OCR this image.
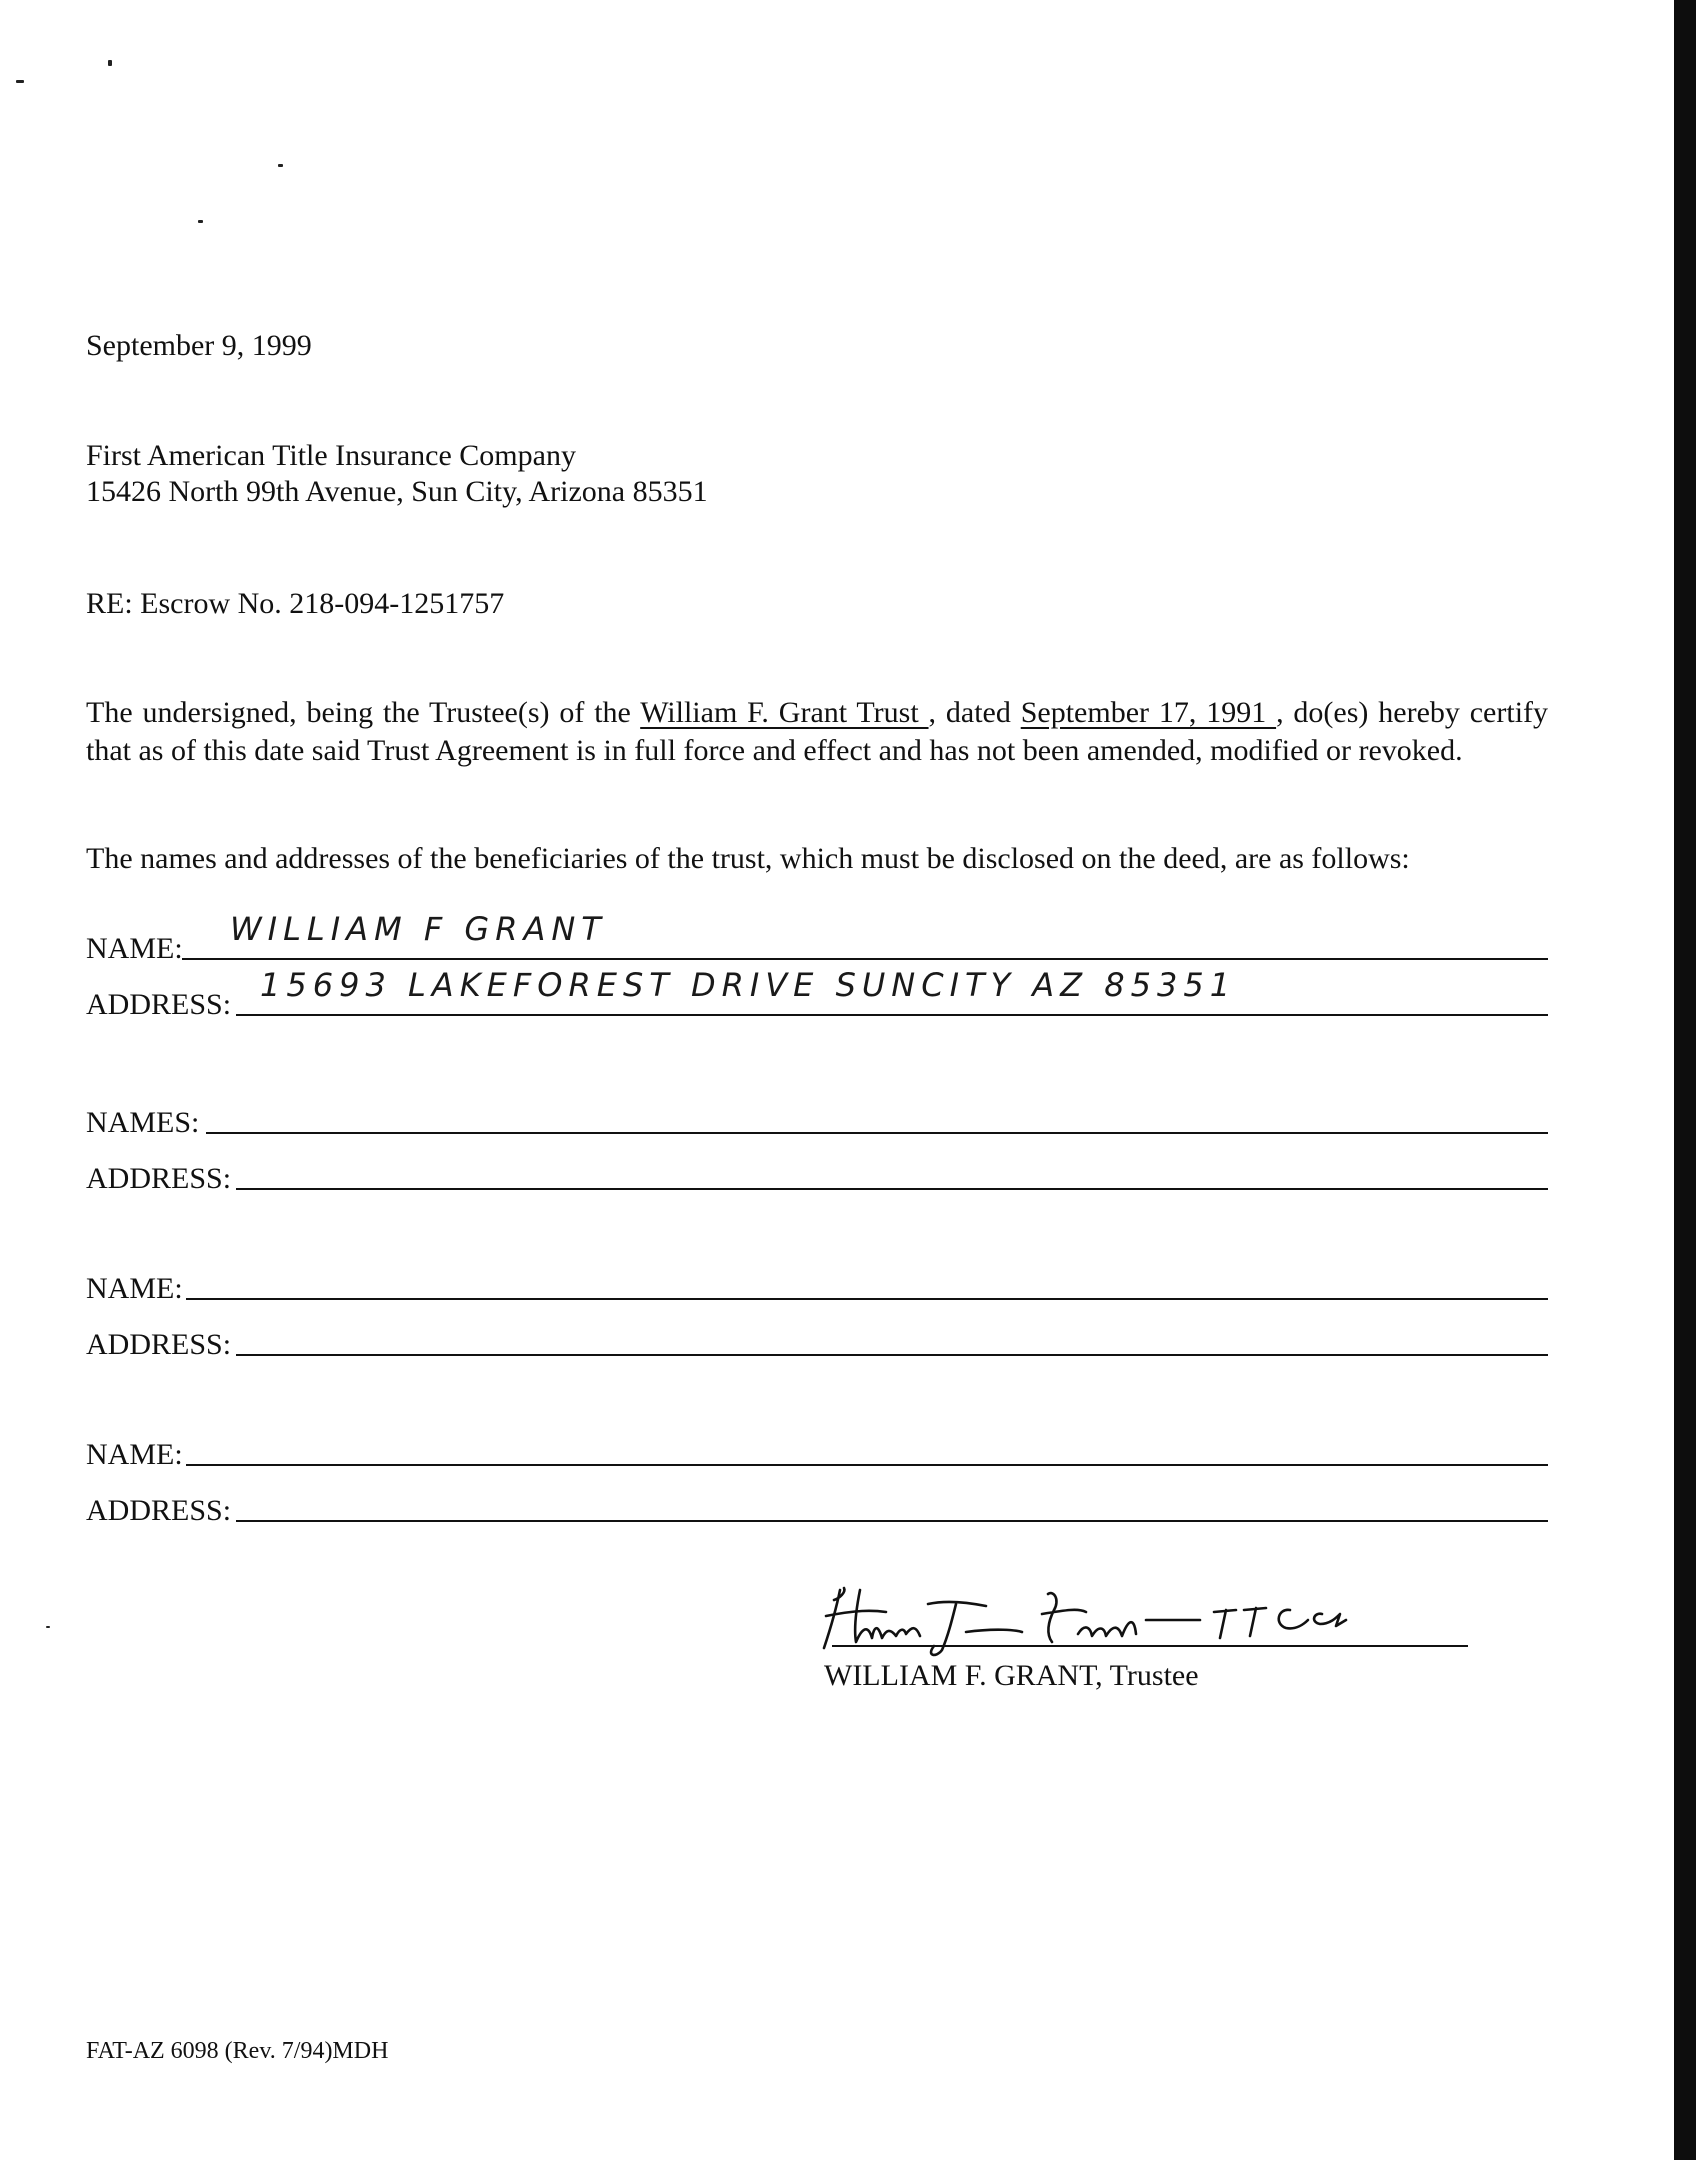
September 9, 1999
First American Title Insurance Company
15426 North 99th Avenue, Sun City, Arizona 85351
RE: Escrow No. 218-094-1251757
The undersigned, being the Trustee(s) of the William F. Grant Trust , dated September 17, 1991 , do(es) hereby certify that as of this date said Trust Agreement is in full force and effect and has not been amended, modified or revoked.
The names and addresses of the beneficiaries of the trust, which must be disclosed on the deed, are as follows:
NAME:
WILLIAM F GRANT
ADDRESS:
15693 LAKEFOREST DRIVE SUNCITY AZ 85351
NAMES:
ADDRESS:
NAME:
ADDRESS:
NAME:
ADDRESS:
WILLIAM F. GRANT, Trustee
FAT-AZ 6098 (Rev. 7/94)MDH
